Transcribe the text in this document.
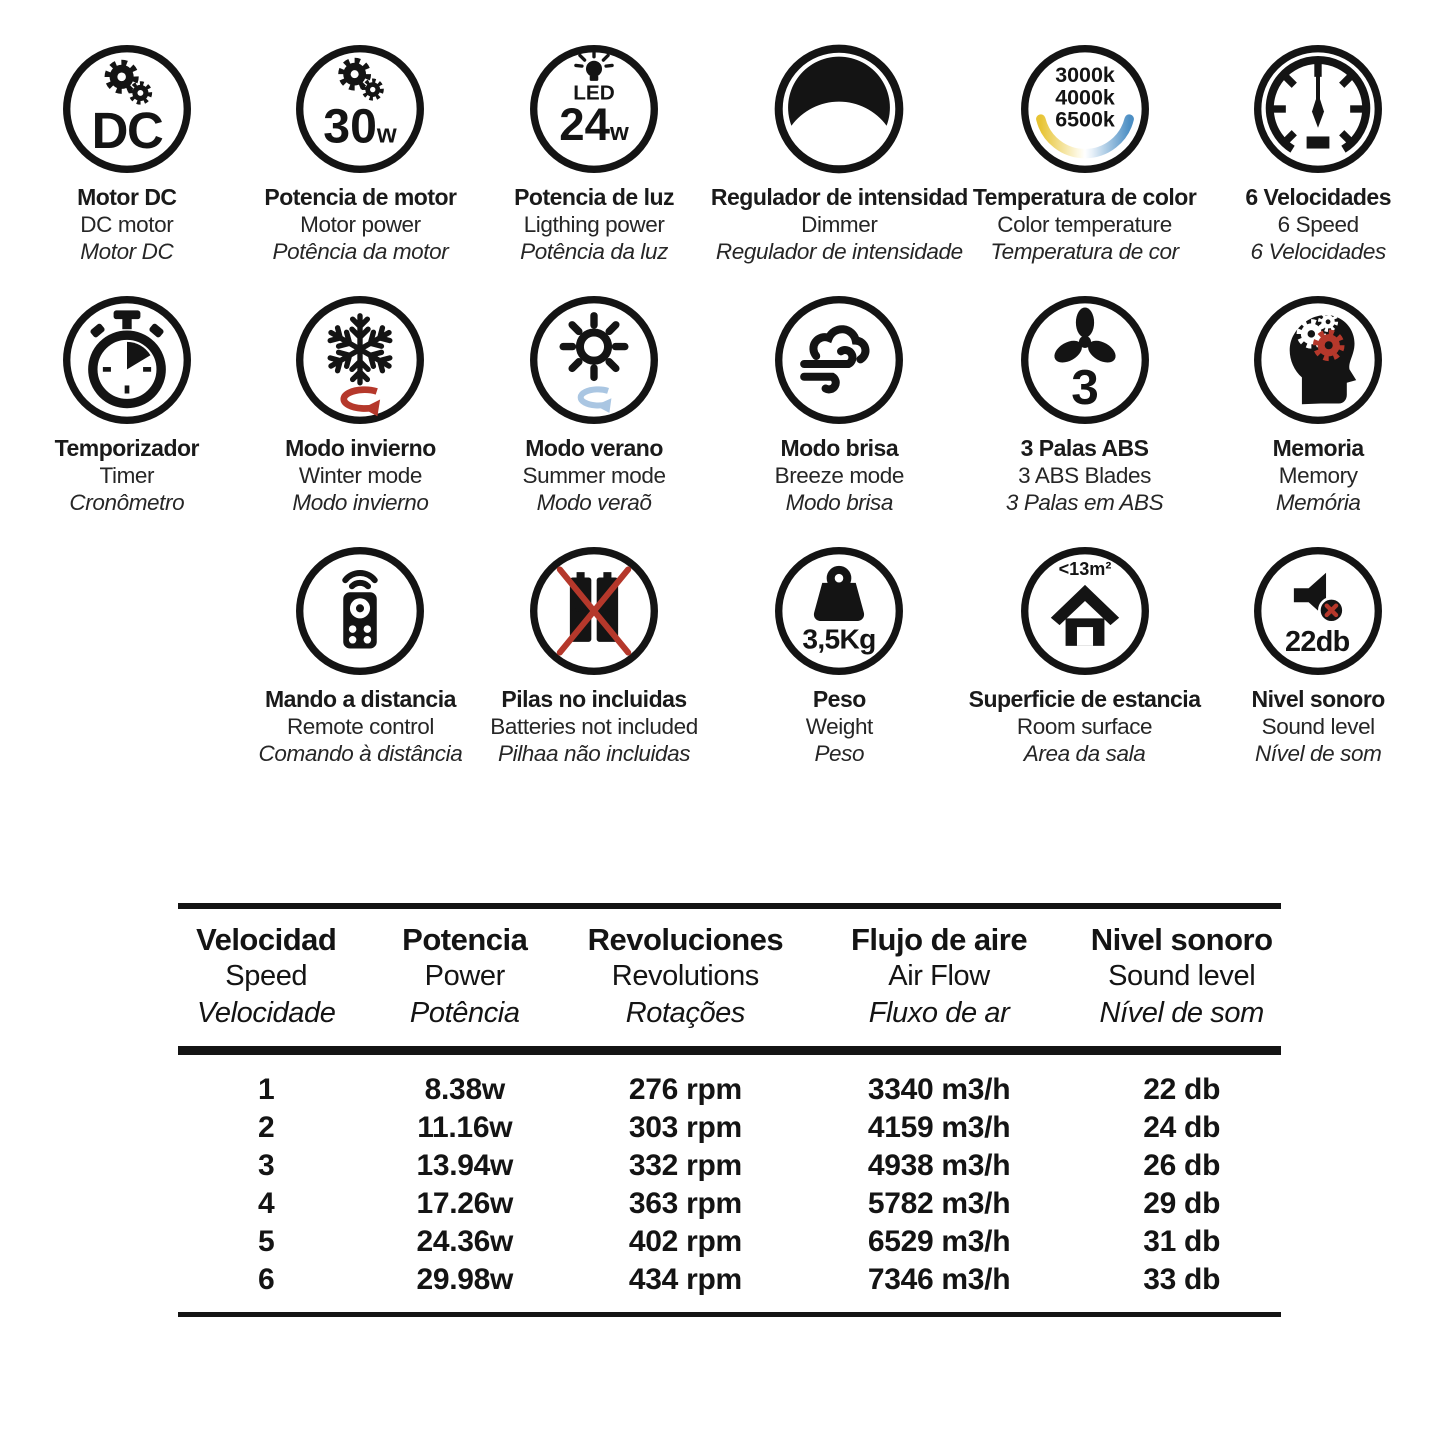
DC
Motor DC
DC motor
Motor DC
30w
Potencia de motor
Motor power
Potência da motor
LED
24w
Potencia de luz
Ligthing power
Potência da luz
Regulador de intensidad
Dimmer
Regulador de intensidade
3000k
4000k
6500k
Temperatura de color
Color temperature
Temperatura de cor
6 Velocidades
6 Speed
6 Velocidades
Temporizador
Timer
Cronômetro
Modo invierno
Winter mode
Modo invierno
Modo verano
Summer mode
Modo veraõ
Modo brisa
Breeze mode
Modo brisa
3
3 Palas ABS
3 ABS Blades
3 Palas em ABS
Memoria
Memory
Memória
Mando a distancia
Remote control
Comando à distância
+ +
AAA AAA
- -
Pilas no incluidas
Batteries not included
Pilhaa não incluidas
3,5Kg
Peso
Weight
Peso
<13m²
Superficie de estancia
Room surface
Area da sala
22db
Nivel sonoro
Sound level
Nível de som
Velocidad
Speed
Velocidade
Potencia
Power
Potência
Revoluciones
Revolutions
Rotações
Flujo de aire
Air Flow
Fluxo de ar
Nivel sonoro
Sound level
Nível de som
1	8.38w	276 rpm	3340 m3/h	22 db
2	11.16w	303 rpm	4159 m3/h	24 db
3	13.94w	332 rpm	4938 m3/h	26 db
4	17.26w	363 rpm	5782 m3/h	29 db
5	24.36w	402 rpm	6529 m3/h	31 db
6	29.98w	434 rpm	7346 m3/h	33 db
